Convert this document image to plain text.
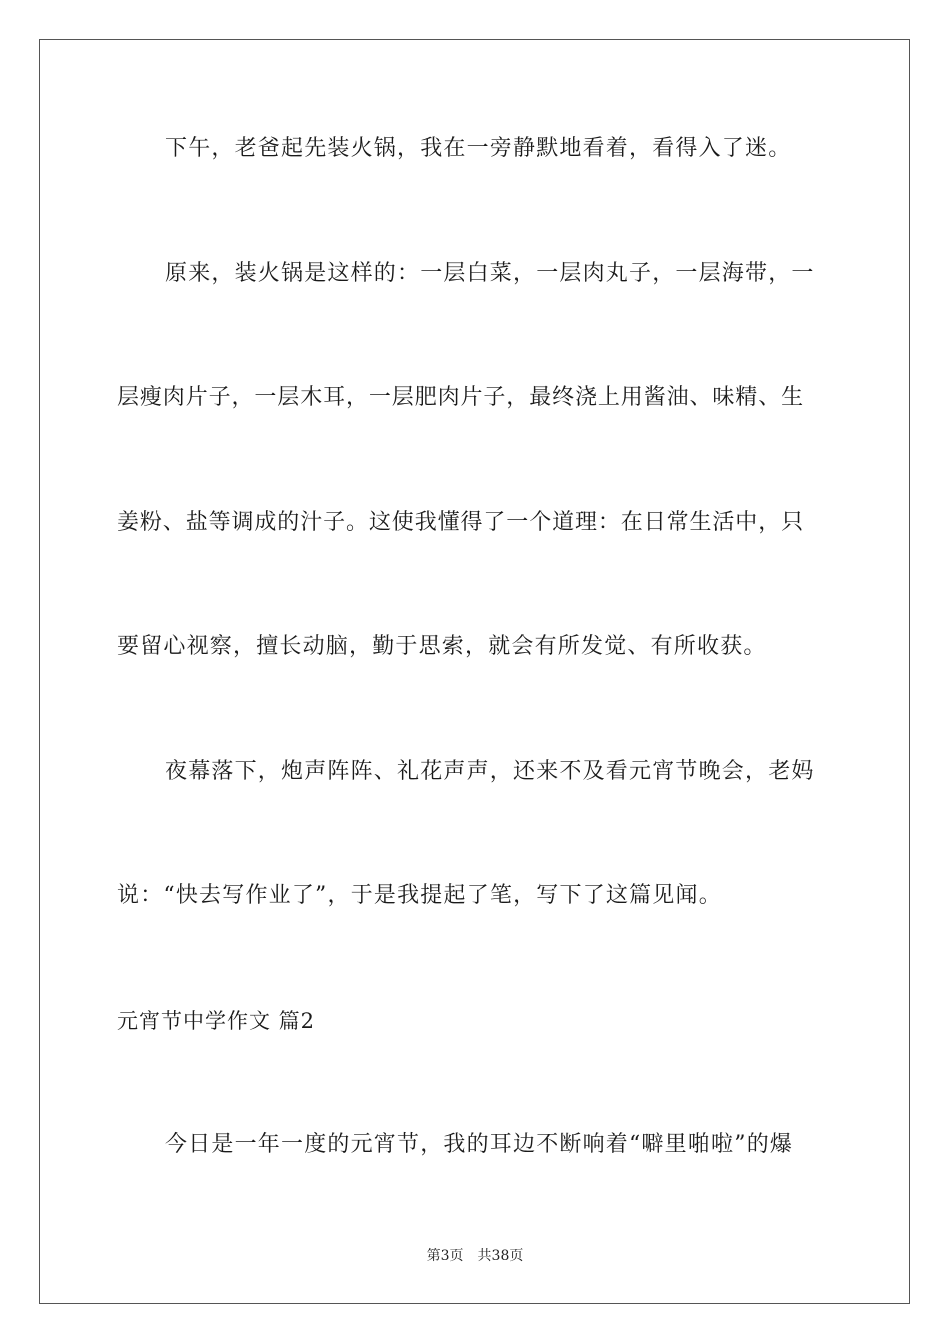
下午，老爸起先装火锅，我在一旁静默地看着，看得入了迷。
原来，装火锅是这样的：一层白菜，一层肉丸子，一层海带，一
层瘦肉片子，一层木耳，一层肥肉片子，最终浇上用酱油、味精、生
姜粉、盐等调成的汁子。这使我懂得了一个道理：在日常生活中，只
要留心视察，擅长动脑，勤于思索，就会有所发觉、有所收获。
夜幕落下，炮声阵阵、礼花声声，还来不及看元宵节晚会，老妈
说：“快去写作业了”，于是我提起了笔，写下了这篇见闻。
元宵节中学作文 篇2
今日是一年一度的元宵节，我的耳边不断响着“噼里啪啦”的爆
第3页 共38页
